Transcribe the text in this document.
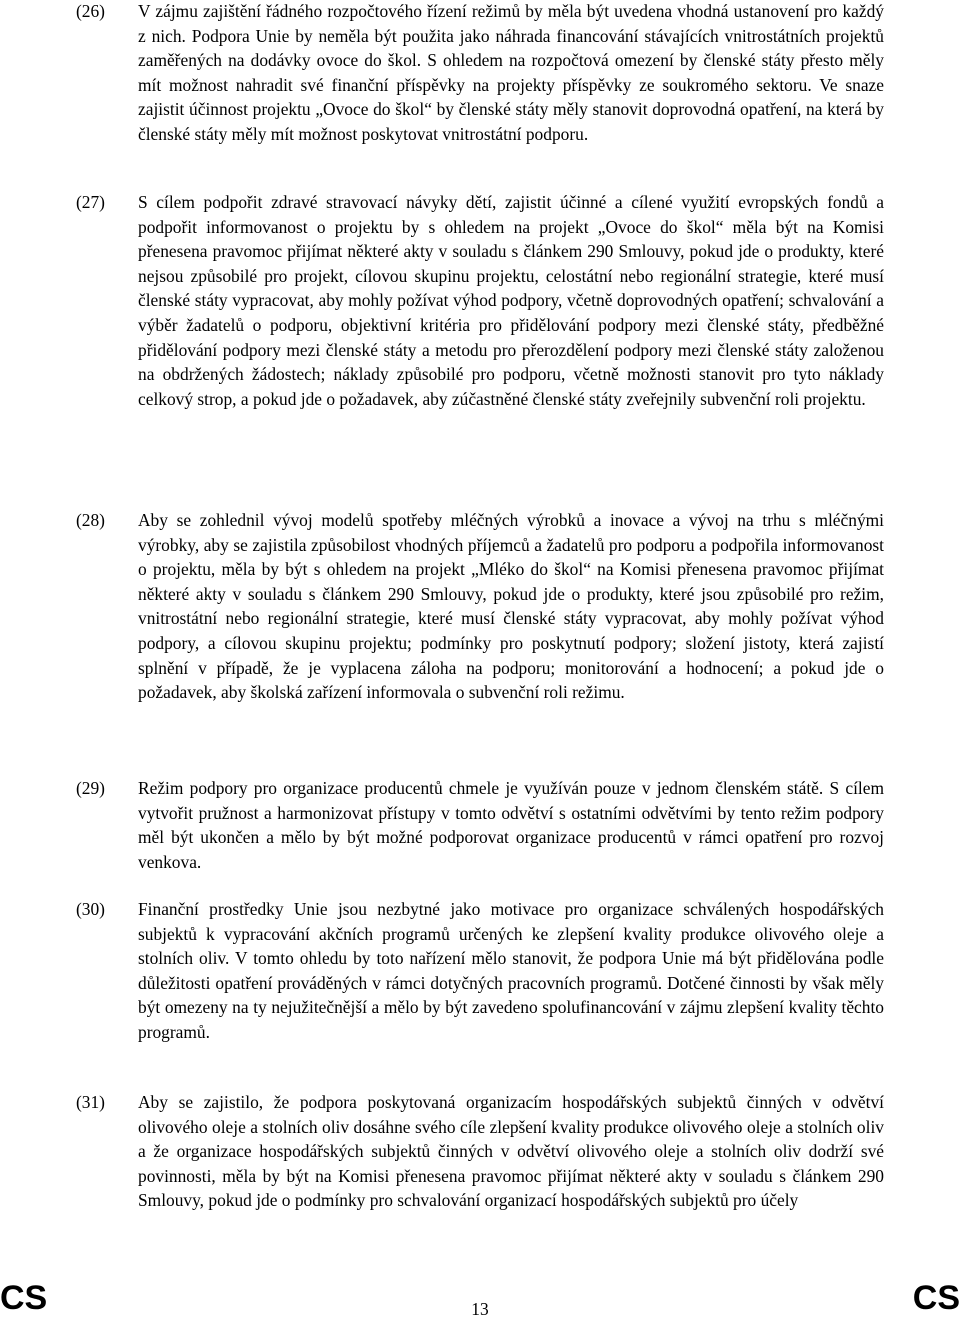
(26)	V zájmu zajištění řádného rozpočtového řízení režimů by měla být uvedena vhodná ustanovení pro každý z nich. Podpora Unie by neměla být použita jako náhrada financování stávajících vnitrostátních projektů zaměřených na dodávky ovoce do škol. S ohledem na rozpočtová omezení by členské státy přesto měly mít možnost nahradit své finanční příspěvky na projekty příspěvky ze soukromého sektoru. Ve snaze zajistit účinnost projektu „Ovoce do škol“ by členské státy měly stanovit doprovodná opatření, na která by členské státy měly mít možnost poskytovat vnitrostátní podporu.

(27)	S cílem podpořit zdravé stravovací návyky dětí, zajistit účinné a cílené využití evropských fondů a podpořit informovanost o projektu by s ohledem na projekt „Ovoce do škol“ měla být na Komisi přenesena pravomoc přijímat některé akty v souladu s článkem 290 Smlouvy, pokud jde o produkty, které nejsou způsobilé pro projekt, cílovou skupinu projektu, celostátní nebo regionální strategie, které musí členské státy vypracovat, aby mohly požívat výhod podpory, včetně doprovodných opatření; schvalování a výběr žadatelů o podporu, objektivní kritéria pro přidělování podpory mezi členské státy, předběžné přidělování podpory mezi členské státy a metodu pro přerozdělení podpory mezi členské státy založenou na obdržených žádostech; náklady způsobilé pro podporu, včetně možnosti stanovit pro tyto náklady celkový strop, a pokud jde o požadavek, aby zúčastněné členské státy zveřejnily subvenční roli projektu.

(28)	Aby se zohlednil vývoj modelů spotřeby mléčných výrobků a inovace a vývoj na trhu s mléčnými výrobky, aby se zajistila způsobilost vhodných příjemců a žadatelů pro podporu a podpořila informovanost o projektu, měla by být s ohledem na projekt „Mléko do škol“ na Komisi přenesena pravomoc přijímat některé akty v souladu s článkem 290 Smlouvy, pokud jde o produkty, které jsou způsobilé pro režim, vnitrostátní nebo regionální strategie, které musí členské státy vypracovat, aby mohly požívat výhod podpory, a cílovou skupinu projektu; podmínky pro poskytnutí podpory; složení jistoty, která zajistí splnění v případě, že je vyplacena záloha na podporu; monitorování a hodnocení; a pokud jde o požadavek, aby školská zařízení informovala o subvenční roli režimu.

(29)	Režim podpory pro organizace producentů chmele je využíván pouze v jednom členském státě. S cílem vytvořit pružnost a harmonizovat přístupy v tomto odvětví s ostatními odvětvími by tento režim podpory měl být ukončen a mělo by být možné podporovat organizace producentů v rámci opatření pro rozvoj venkova.

(30)	Finanční prostředky Unie jsou nezbytné jako motivace pro organizace schválených hospodářských subjektů k vypracování akčních programů určených ke zlepšení kvality produkce olivového oleje a stolních oliv. V tomto ohledu by toto nařízení mělo stanovit, že podpora Unie má být přidělována podle důležitosti opatření prováděných v rámci dotyčných pracovních programů. Dotčené činnosti by však měly být omezeny na ty nejužitečnější a mělo by být zavedeno spolufinancování v zájmu zlepšení kvality těchto programů.

(31)	Aby se zajistilo, že podpora poskytovaná organizacím hospodářských subjektů činných v odvětví olivového oleje a stolních oliv dosáhne svého cíle zlepšení kvality produkce olivového oleje a stolních oliv a že organizace hospodářských subjektů činných v odvětví olivového oleje a stolních oliv dodrží své povinnosti, měla by být na Komisi přenesena pravomoc přijímat některé akty v souladu s článkem 290 Smlouvy, pokud jde o podmínky pro schvalování organizací hospodářských subjektů pro účely

CS	13	CS
